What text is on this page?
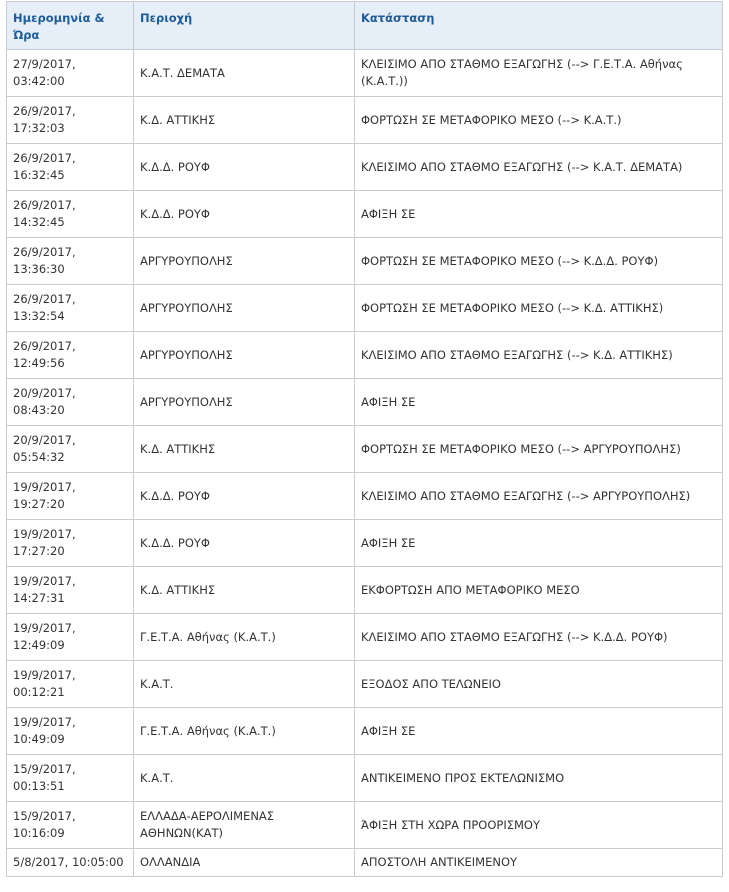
Ημερομηνία & Ώρα	Περιοχή	Κατάσταση
27/9/2017, 03:42:00	Κ.Α.Τ. ΔΕΜΑΤΑ	ΚΛΕΙΣΙΜΟ ΑΠΟ ΣΤΑΘΜΟ ΕΞΑΓΩΓΗΣ (--> Γ.Ε.Τ.Α. Αθήνας (Κ.Α.Τ.))
26/9/2017, 17:32:03	Κ.Δ. ΑΤΤΙΚΗΣ	ΦΟΡΤΩΣΗ ΣΕ ΜΕΤΑΦΟΡΙΚΟ ΜΕΣΟ (--> Κ.Α.Τ.)
26/9/2017, 16:32:45	Κ.Δ.Δ. ΡΟΥΦ	ΚΛΕΙΣΙΜΟ ΑΠΟ ΣΤΑΘΜΟ ΕΞΑΓΩΓΗΣ (--> Κ.Α.Τ. ΔΕΜΑΤΑ)
26/9/2017, 14:32:45	Κ.Δ.Δ. ΡΟΥΦ	ΑΦΙΞΗ ΣΕ
26/9/2017, 13:36:30	ΑΡΓΥΡΟΥΠΟΛΗΣ	ΦΟΡΤΩΣΗ ΣΕ ΜΕΤΑΦΟΡΙΚΟ ΜΕΣΟ (--> Κ.Δ.Δ. ΡΟΥΦ)
26/9/2017, 13:32:54	ΑΡΓΥΡΟΥΠΟΛΗΣ	ΦΟΡΤΩΣΗ ΣΕ ΜΕΤΑΦΟΡΙΚΟ ΜΕΣΟ (--> Κ.Δ. ΑΤΤΙΚΗΣ)
26/9/2017, 12:49:56	ΑΡΓΥΡΟΥΠΟΛΗΣ	ΚΛΕΙΣΙΜΟ ΑΠΟ ΣΤΑΘΜΟ ΕΞΑΓΩΓΗΣ (--> Κ.Δ. ΑΤΤΙΚΗΣ)
20/9/2017, 08:43:20	ΑΡΓΥΡΟΥΠΟΛΗΣ	ΑΦΙΞΗ ΣΕ
20/9/2017, 05:54:32	Κ.Δ. ΑΤΤΙΚΗΣ	ΦΟΡΤΩΣΗ ΣΕ ΜΕΤΑΦΟΡΙΚΟ ΜΕΣΟ (--> ΑΡΓΥΡΟΥΠΟΛΗΣ)
19/9/2017, 19:27:20	Κ.Δ.Δ. ΡΟΥΦ	ΚΛΕΙΣΙΜΟ ΑΠΟ ΣΤΑΘΜΟ ΕΞΑΓΩΓΗΣ (--> ΑΡΓΥΡΟΥΠΟΛΗΣ)
19/9/2017, 17:27:20	Κ.Δ.Δ. ΡΟΥΦ	ΑΦΙΞΗ ΣΕ
19/9/2017, 14:27:31	Κ.Δ. ΑΤΤΙΚΗΣ	ΕΚΦΟΡΤΩΣΗ ΑΠΟ ΜΕΤΑΦΟΡΙΚΟ ΜΕΣΟ
19/9/2017, 12:49:09	Γ.Ε.Τ.Α. Αθήνας (Κ.Α.Τ.)	ΚΛΕΙΣΙΜΟ ΑΠΟ ΣΤΑΘΜΟ ΕΞΑΓΩΓΗΣ (--> Κ.Δ.Δ. ΡΟΥΦ)
19/9/2017, 00:12:21	Κ.Α.Τ.	ΕΞΟΔΟΣ ΑΠΟ ΤΕΛΩΝΕΙΟ
19/9/2017, 10:49:09	Γ.Ε.Τ.Α. Αθήνας (Κ.Α.Τ.)	ΑΦΙΞΗ ΣΕ
15/9/2017, 00:13:51	Κ.Α.Τ.	ΑΝΤΙΚΕΙΜΕΝΟ ΠΡΟΣ ΕΚΤΕΛΩΝΙΣΜΟ
15/9/2017, 10:16:09	ΕΛΛΑΔΑ-ΑΕΡΟΛΙΜΕΝΑΣ ΑΘΗΝΩΝ(ΚΑΤ)	ΆΦΙΞΗ ΣΤΗ ΧΩΡΑ ΠΡΟΟΡΙΣΜΟΥ
5/8/2017, 10:05:00	ΟΛΛΑΝΔΙΑ	ΑΠΟΣΤΟΛΗ ΑΝΤΙΚΕΙΜΕΝΟΥ
